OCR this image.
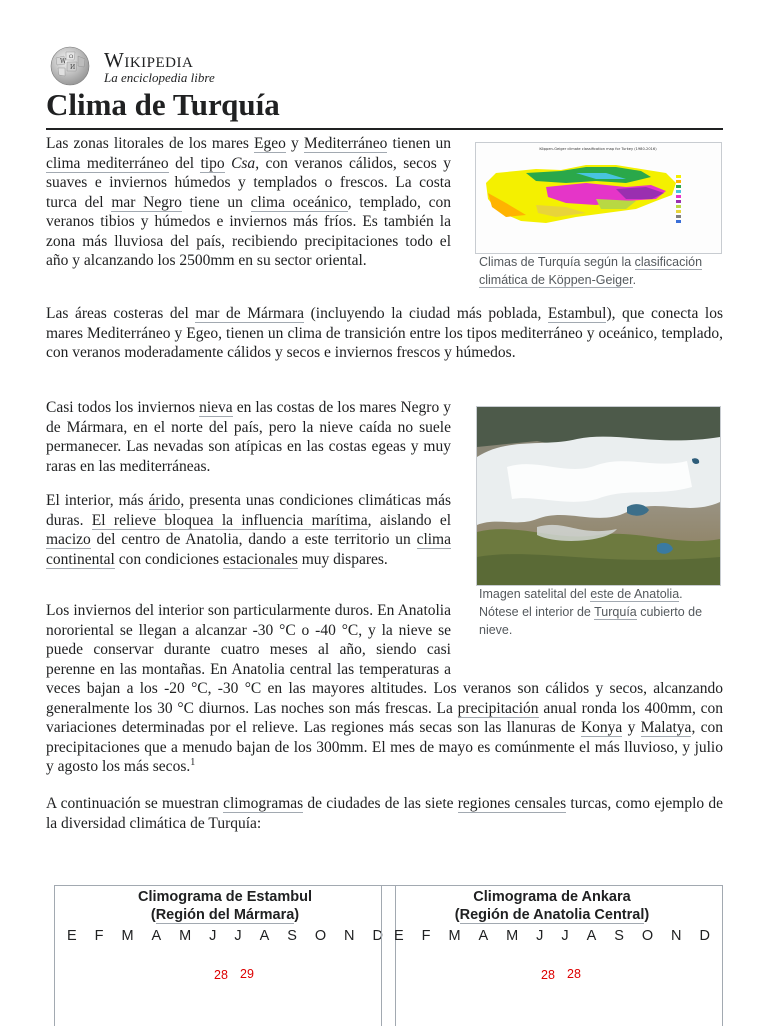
W
Ω
И Wikipedia
La enciclopedia libre
Clima de Turquía

Las zonas litorales de los mares Egeo y Mediterráneo tienen un clima mediterráneo del tipo Csa, con veranos cálidos, secos y suaves e inviernos húmedos y templados o frescos. La costa turca del mar Negro tiene un clima oceánico, templado, con veranos tibios y húmedos e inviernos más fríos. Es también la zona más lluviosa del país, recibiendo precipitaciones todo el año y alcanzando los 2500mm en su sector oriental.

Köppen-Geiger climate classification map for Turkey (1980-2016)
Climas de Turquía según la clasificación climática de Köppen-Geiger.

Las áreas costeras del mar de Mármara (incluyendo la ciudad más poblada, Estambul), que conecta los mares Mediterráneo y Egeo, tienen un clima de transición entre los tipos mediterráneo y oceánico, templado, con veranos moderadamente cálidos y secos e inviernos frescos y húmedos.

Casi todos los inviernos nieva en las costas de los mares Negro y de Mármara, en el norte del país, pero la nieve caída no suele permanecer. Las nevadas son atípicas en las costas egeas y muy raras en las mediterráneas.

Imagen satelital del este de Anatolia. Nótese el interior de Turquía cubierto de nieve.

El interior, más árido, presenta unas condiciones climáticas más duras. El relieve bloquea la influencia marítima, aislando el macizo del centro de Anatolia, dando a este territorio un clima continental con condiciones estacionales muy dispares.

Los inviernos del interior son particularmente duros. En Anatolia nororiental se llegan a alcanzar -30 °C o -40 °C, y la nieve se puede conservar durante cuatro meses al año, siendo casi perenne en las montañas. En Anatolia central las temperaturas a veces bajan a los -20 °C, -30 °C en las mayores altitudes. Los veranos son cálidos y secos, alcanzando generalmente los 30 °C diurnos. Las noches son más frescas. La precipitación anual ronda los 400mm, con variaciones determinadas por el relieve. Las regiones más secas son las llanuras de Konya y Malatya, con precipitaciones que a menudo bajan de los 300mm. El mes de mayo es comúnmente el más lluvioso, y julio y agosto los más secos.$^1$

A continuación se muestran climogramas de ciudades de las siete regiones censales turcas, como ejemplo de la diversidad climática de Turquía:

Climograma de Estambul
(Región del Mármara)
E F M A M J J A S O N D
28 29
Climograma de Ankara
(Región de Anatolia Central)
E F M A M J J A S O N D
28 28
